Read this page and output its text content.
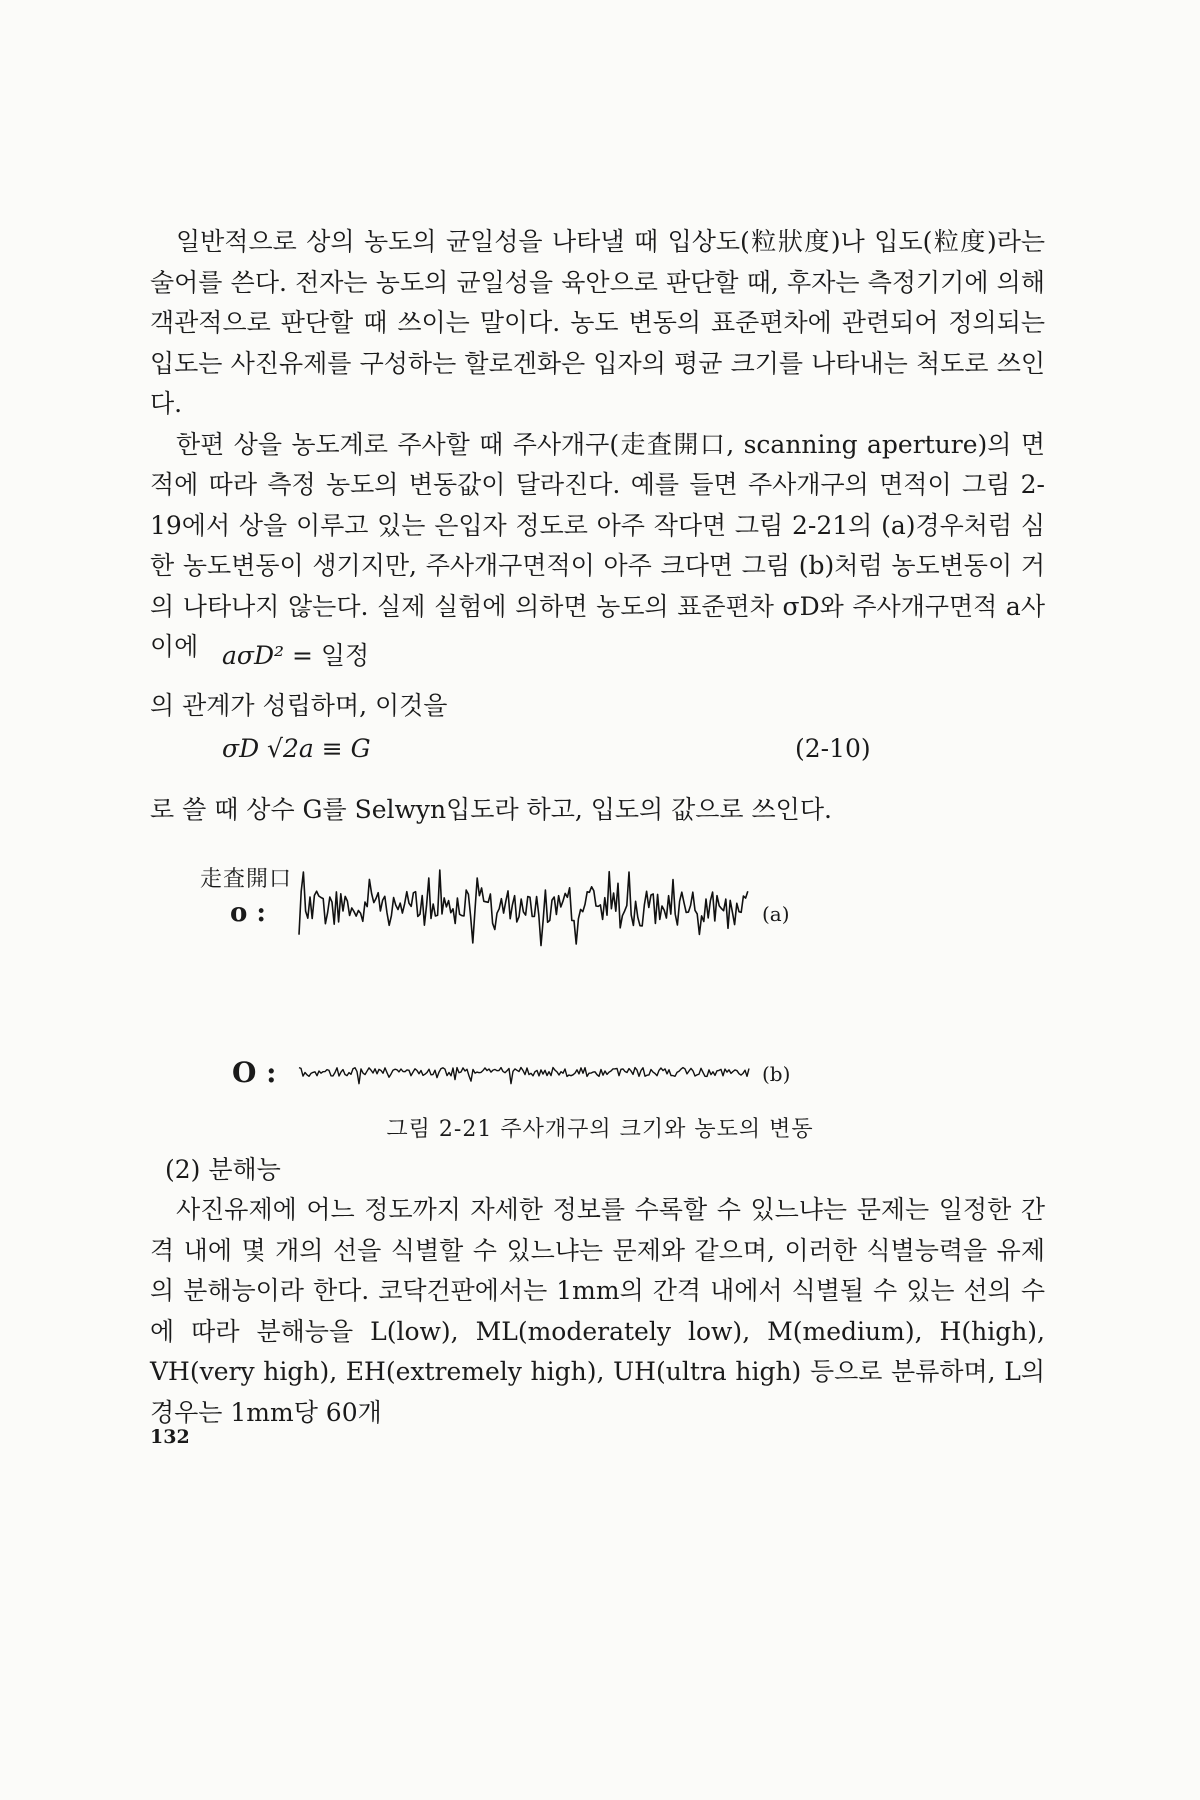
일반적으로 상의 농도의 균일성을 나타낼 때 입상도(粒狀度)나 입도(粒度)라는 술어를 쓴다. 전자는 농도의 균일성을 육안으로 판단할 때, 후자는 측정기기에 의해 객관적으로 판단할 때 쓰이는 말이다. 농도 변동의 표준편차에 관련되어 정의되는 입도는 사진유제를 구성하는 할로겐화은 입자의 평균 크기를 나타내는 척도로 쓰인다.

한편 상을 농도계로 주사할 때 주사개구(走査開口, scanning aperture)의 면적에 따라 측정 농도의 변동값이 달라진다. 예를 들면 주사개구의 면적이 그림 2-19에서 상을 이루고 있는 은입자 정도로 아주 작다면 그림 2-21의 (a)경우처럼 심한 농도변동이 생기지만, 주사개구면적이 아주 크다면 그림 (b)처럼 농도변동이 거의 나타나지 않는다. 실제 실험에 의하면 농도의 표준편차 σD와 주사개구면적 a사이에 aσD² = 일정

의 관계가 성립하며, 이것을

σD √2a ≡ G	(2-10)

로 쓸 때 상수 G를 Selwyn입도라 하고, 입도의 값으로 쓰인다.

走査開口
o :	(a)
O :	(b)
그림 2-21 주사개구의 크기와 농도의 변동
(2) 분해능

사진유제에 어느 정도까지 자세한 정보를 수록할 수 있느냐는 문제는 일정한 간격 내에 몇 개의 선을 식별할 수 있느냐는 문제와 같으며, 이러한 식별능력을 유제의 분해능이라 한다. 코닥건판에서는 1mm의 간격 내에서 식별될 수 있는 선의 수에 따라 분해능을 L(low), ML(moderately low), M(medium), H(high), VH(very high), EH(extremely high), UH(ultra high) 등으로 분류하며, L의 경우는 1mm당 60개

132
